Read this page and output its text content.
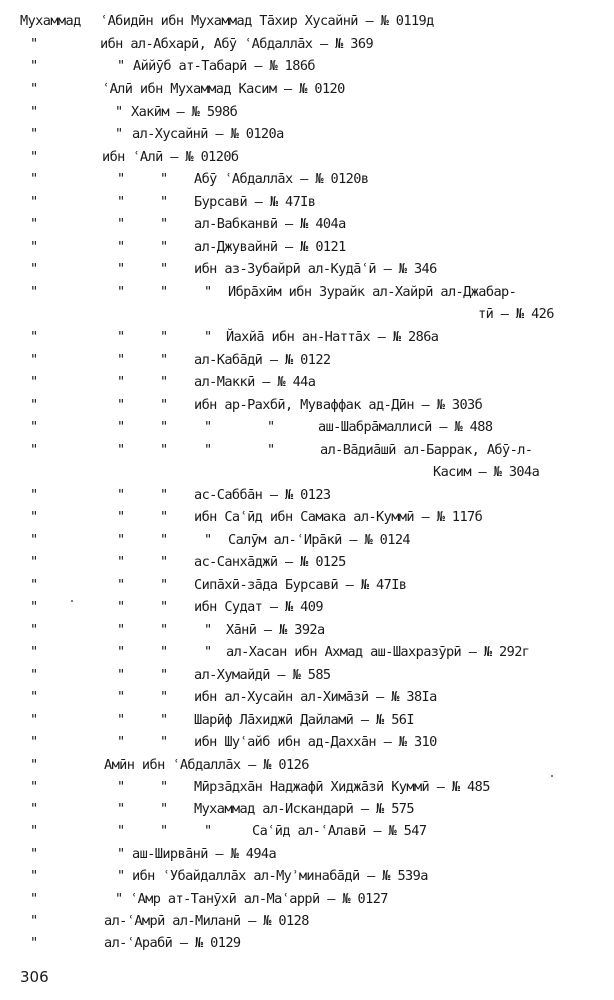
Мухаммад ʿАбидӣн ибн Мухаммад Тāхир Хусайнӣ – № 0119д
"	ибн ал-Абхарӣ, Абӯ ʿАбдаллāх – № 369
"	" Аййӯб ат-Табарӣ – № 186б
"	ʿАлӣ ибн Мухаммад Касим – № 0120
"	" Хакӣм – № 598б
"	" ал-Хусайнӣ – № 0120а
"	ибн ʿАлӣ – № 0120б
"	"	" Абӯ ʿАбдаллāх – № 0120в
"	"	" Бурсавӣ – № 47Iв
"	"	" ал-Вабканвӣ – № 404а
"	"	" ал-Джувайнӣ – № 0121
"	"	" ибн аз-Зубайрӣ ал-Кудāʿӣ – № 346
"	"	"	" Ибрāхӣм ибн Зурайк ал-Хайрӣ ал-Джабар-
тӣ – № 426
"	"	"	" Йахйā ибн ан-Наттāх – № 286а
"	"	" ал-Кабāдӣ – № 0122
"	"	" ал-Маккӣ – № 44а
"	"	" ибн ар-Рахбӣ, Муваффак ад-Дӣн – № 303б
"	"	"	"	"	аш-Шабрāмаллисӣ – № 488
"	"	"	"	"	ал-Вāдиāшӣ ал-Баррак, Абӯ-л-
Касим – № 304а
"	"	" ас-Саббāн – № 0123
"	"	" ибн Саʿӣд ибн Самака ал-Куммӣ – № 117б
"	"	"	" Салӯм ал-ʿИрāкӣ – № 0124
"	"	" ас-Санхāджӣ – № 0125
"	"	" Сипāхӣ-зāда Бурсавӣ – № 47Iв
"	"	" ибн Судат – № 409
"	"	"	" Хāнӣ – № 392а
"	"	"	" ал-Хасан ибн Ахмад аш-Шахразӯрӣ – № 292г
"	"	" ал-Хумайдӣ – № 585
"	"	" ибн ал-Хусайн ал-Химāзӣ – № 38Iа
"	"	" Шарӣф Лāхиджӣ Дайламӣ – № 56I
"	"	" ибн Шуʿайб ибн ад-Даххāн – № 310
"	Амӣн ибн ʿАбдаллāх – № 0126
"	"	" Мӣрзāдхāн Наджафӣ Хиджāзӣ Куммӣ – № 485
"	"	" Мухаммад ал-Искандарӣ – № 575
"	"	"	"	Саʿӣд ал-ʿАлавӣ – № 547
"	" аш-Ширвāнӣ – № 494а
"	" ибн ʿУбайдаллāх ал-Муʾминабāдӣ – № 539а
"	" ʿАмр ат-Танӯхӣ ал-Маʿаррӣ – № 0127
"	ал-ʿАмрӣ ал-Миланӣ – № 0128
"	ал-ʿАрабӣ – № 0129
306
